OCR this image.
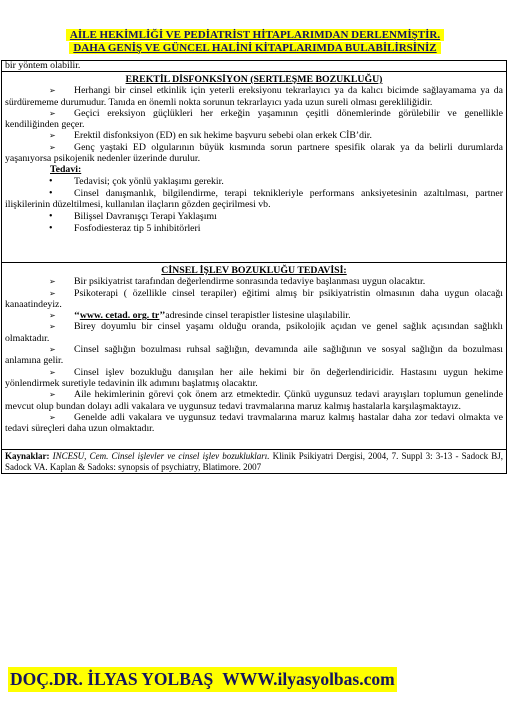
AİLE HEKİMLİĞİ VE PEDİATRİST HİTAPLARIMDAN DERLENMİŞTİR.
DAHA GENİŞ VE GÜNCEL HALİNİ KİTAPLARIMDA BULABİLİRSİNİZ
bir yöntem olabilir.
EREKTİL DİSFONKSİYON (SERTLEŞME BOZUKLUĞU)

➢ Herhangi bir cinsel etkinlik için yeterli ereksiyonu tekrarlayıcı ya da kalıcı bicimde sağlayamama ya da sürdürememe durumudur. Tanıda en önemli nokta sorunun tekrarlayıcı yada uzun sureli olması gerekliliğidir.

➢ Geçici ereksiyon güçlükleri her erkeğin yaşamının çeşitli dönemlerinde görülebilir ve genellikle kendiliğinden geçer.

➢ Erektil disfonksiyon (ED) en sık hekime başvuru sebebi olan erkek CİB’dir.

➢ Genç yaştaki ED olgularının büyük kısmında sorun partnere spesifik olarak ya da belirli durumlarda yaşanıyorsa psikojenik nedenler üzerinde durulur.

Tedavi:

• Tedavisi; çok yönlü yaklaşımı gerekir.

• Cinsel danışmanlık, bilgilendirme, terapi teknikleriyle performans anksiyetesinin azaltılması, partner ilişkilerinin düzeltilmesi, kullanılan ilaçların gözden geçirilmesi vb.

• Bilişsel Davranışçı Terapi Yaklaşımı

• Fosfodiesteraz tip 5 inhibitörleri

CİNSEL İŞLEV BOZUKLUĞU TEDAVİSİ:

➢ Bir psikiyatrist tarafından değerlendirme sonrasında tedaviye başlanması uygun olacaktır.

➢ Psikoterapi ( özellikle cinsel terapiler) eğitimi almış bir psikiyatristin olmasının daha uygun olacağı kanaatindeyiz.

➢ ‘‘www. cetad. org. tr’’adresinde cinsel terapistler listesine ulaşılabilir.

➢ Birey doyumlu bir cinsel yaşamı olduğu oranda, psikolojik açıdan ve genel sağlık açısından sağlıklı olmaktadır.

➢ Cinsel sağlığın bozulması ruhsal sağlığın, devamında aile sağlığının ve sosyal sağlığın da bozulması anlamına gelir.

➢ Cinsel işlev bozukluğu danışılan her aile hekimi bir ön değerlendiricidir. Hastasını uygun hekime yönlendirmek suretiyle tedavinin ilk adımını başlatmış olacaktır.

➢ Aile hekimlerinin görevi çok önem arz etmektedir. Çünkü uygunsuz tedavi arayışları toplumun genelinde mevcut olup bundan dolayı adli vakalara ve uygunsuz tedavi travmalarına maruz kalmış hastalarla karşılaşmaktayız.

➢ Genelde adli vakalara ve uygunsuz tedavi travmalarına maruz kalmış hastalar daha zor tedavi olmakta ve tedavi süreçleri daha uzun olmaktadır.

Kaynaklar: INCESU, Cem. Cinsel işlevler ve cinsel işlev bozuklukları. Klinik Psikiyatri Dergisi, 2004, 7. Suppl 3: 3-13 - Sadock BJ, Sadock VA. Kaplan & Sadoks: synopsis of psychiatry, Blatimore. 2007
DOÇ.DR. İLYAS YOLBAŞ WWW.ilyasyolbas.com
